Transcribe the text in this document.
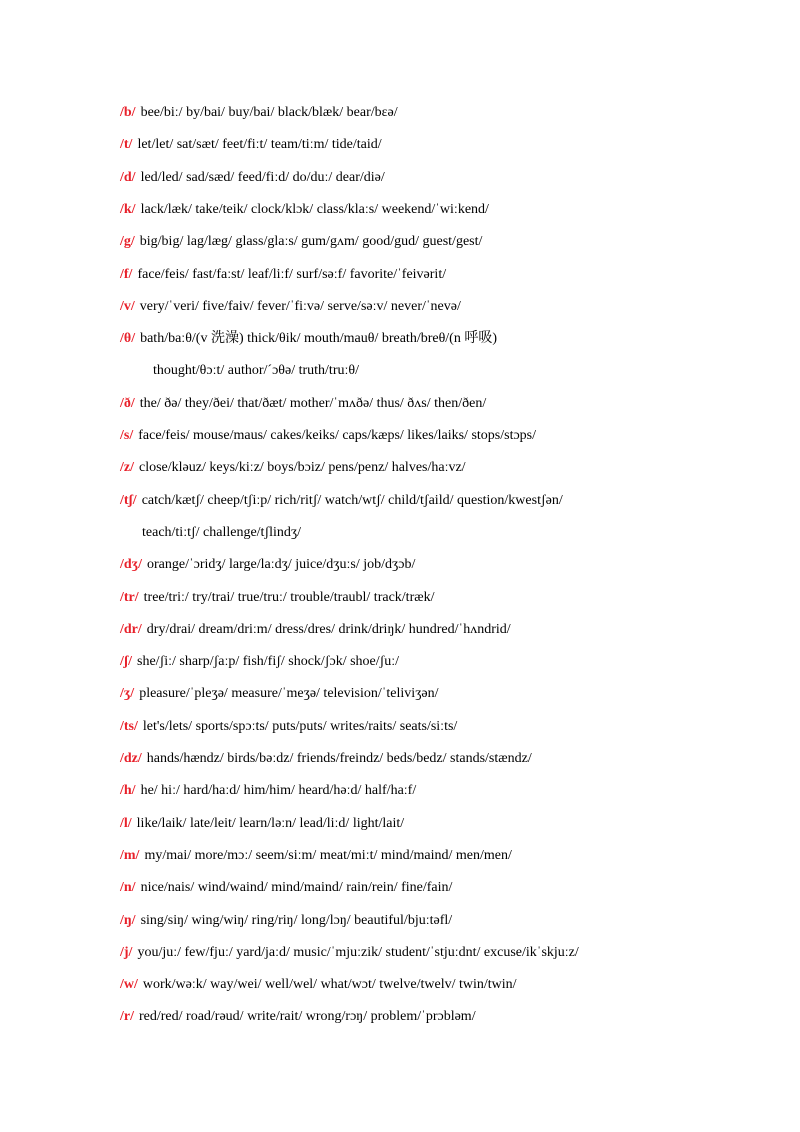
/b/ bee/biː/ by/bai/ buy/bai/ black/blæk/ bear/bɛə/
/t/ let/let/ sat/sæt/ feet/fiːt/ team/tiːm/ tide/taid/
/d/ led/led/ sad/sæd/ feed/fiːd/ do/duː/ dear/diə/
/k/ lack/læk/ take/teik/ clock/klɔk/ class/klaːs/ weekend/ˈwiːkend/
/g/ big/big/ lag/læg/ glass/glaːs/ gum/gʌm/ good/gud/ guest/gest/
/f/ face/feis/ fast/faːst/ leaf/liːf/ surf/səːf/ favorite/ˈfeivərit/
/v/ very/ˈveri/ five/faiv/ fever/ˈfiːvə/ serve/səːv/ never/ˈnevə/
/θ/ bath/baːθ/(v 洗澡) thick/θik/ mouth/mauθ/ breath/breθ/(n 呼吸)
thought/θɔːt/ author/´ɔθə/ truth/truːθ/
/ð/ the/ ðə/ they/ðei/ that/ðæt/ mother/ˈmʌðə/ thus/ ðʌs/ then/ðen/
/s/ face/feis/ mouse/maus/ cakes/keiks/ caps/kæps/ likes/laiks/ stops/stɔps/
/z/ close/kləuz/ keys/kiːz/ boys/bɔiz/ pens/penz/ halves/haːvz/
/tʃ/ catch/kætʃ/ cheep/tʃiːp/ rich/ritʃ/ watch/wtʃ/ child/tʃaild/ question/kwestʃən/
teach/tiːtʃ/ challenge/tʃlindʒ/
/dʒ/ orange/ˈɔridʒ/ large/laːdʒ/ juice/dʒuːs/ job/dʒɔb/
/tr/ tree/triː/ try/trai/ true/truː/ trouble/traubl/ track/træk/
/dr/ dry/drai/ dream/driːm/ dress/dres/ drink/driŋk/ hundred/ˈhʌndrid/
/ʃ/ she/ʃiː/ sharp/ʃaːp/ fish/fiʃ/ shock/ʃɔk/ shoe/ʃuː/
/ʒ/ pleasure/ˈpleʒə/ measure/ˈmeʒə/ television/ˈteliviʒən/
/ts/ let's/lets/ sports/spɔːts/ puts/puts/ writes/raits/ seats/siːts/
/dz/ hands/hændz/ birds/bəːdz/ friends/freindz/ beds/bedz/ stands/stændz/
/h/ he/ hiː/ hard/haːd/ him/him/ heard/həːd/ half/haːf/
/l/ like/laik/ late/leit/ learn/ləːn/ lead/liːd/ light/lait/
/m/ my/mai/ more/mɔː/ seem/siːm/ meat/miːt/ mind/maind/ men/men/
/n/ nice/nais/ wind/waind/ mind/maind/ rain/rein/ fine/fain/
/ŋ/ sing/siŋ/ wing/wiŋ/ ring/riŋ/ long/lɔŋ/ beautiful/bjuːtəfl/
/j/ you/juː/ few/fjuː/ yard/jaːd/ music/ˈmjuːzik/ student/ˈstjuːdnt/ excuse/ikˈskjuːz/
/w/ work/wəːk/ way/wei/ well/wel/ what/wɔt/ twelve/twelv/ twin/twin/
/r/ red/red/ road/rəud/ write/rait/ wrong/rɔŋ/ problem/ˈprɔbləm/
